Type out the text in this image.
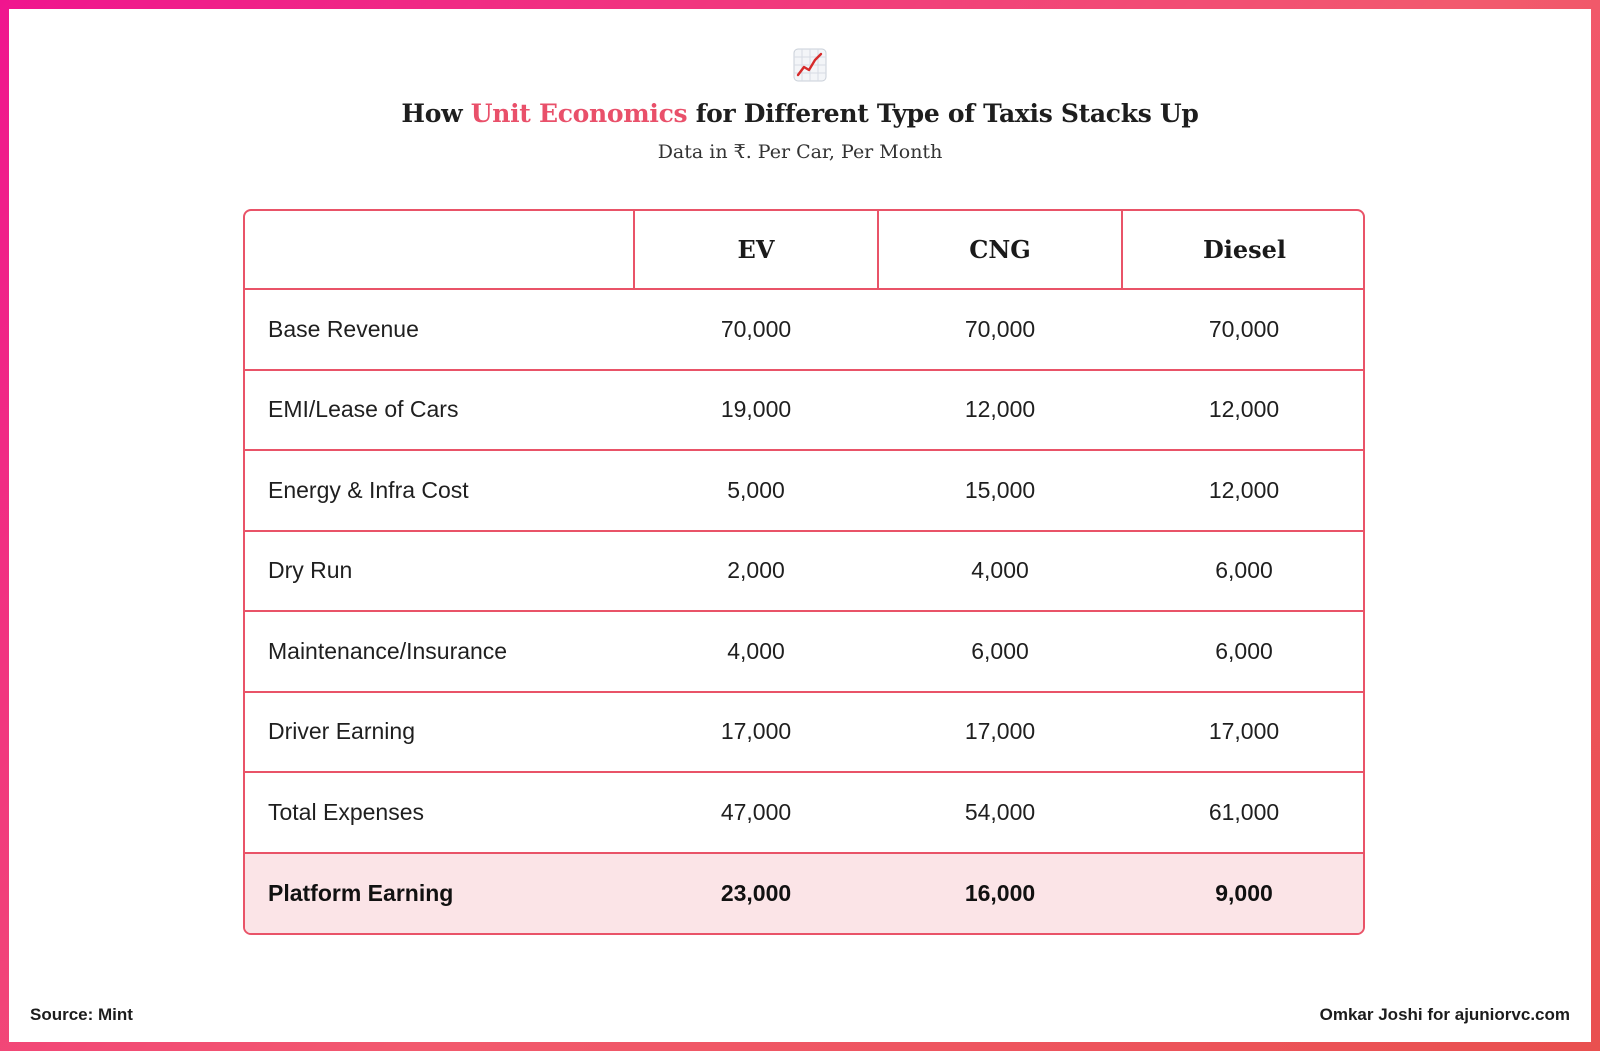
How Unit Economics for Different Type of Taxis Stacks Up
Data in ₹. Per Car, Per Month
	EV	CNG	Diesel
Base Revenue	70,000	70,000	70,000
EMI/Lease of Cars	19,000	12,000	12,000
Energy & Infra Cost	5,000	15,000	12,000
Dry Run	2,000	4,000	6,000
Maintenance/Insurance	4,000	6,000	6,000
Driver Earning	17,000	17,000	17,000
Total Expenses	47,000	54,000	61,000
Platform Earning	23,000	16,000	9,000
Source: Mint	Omkar Joshi for ajuniorvc.com
